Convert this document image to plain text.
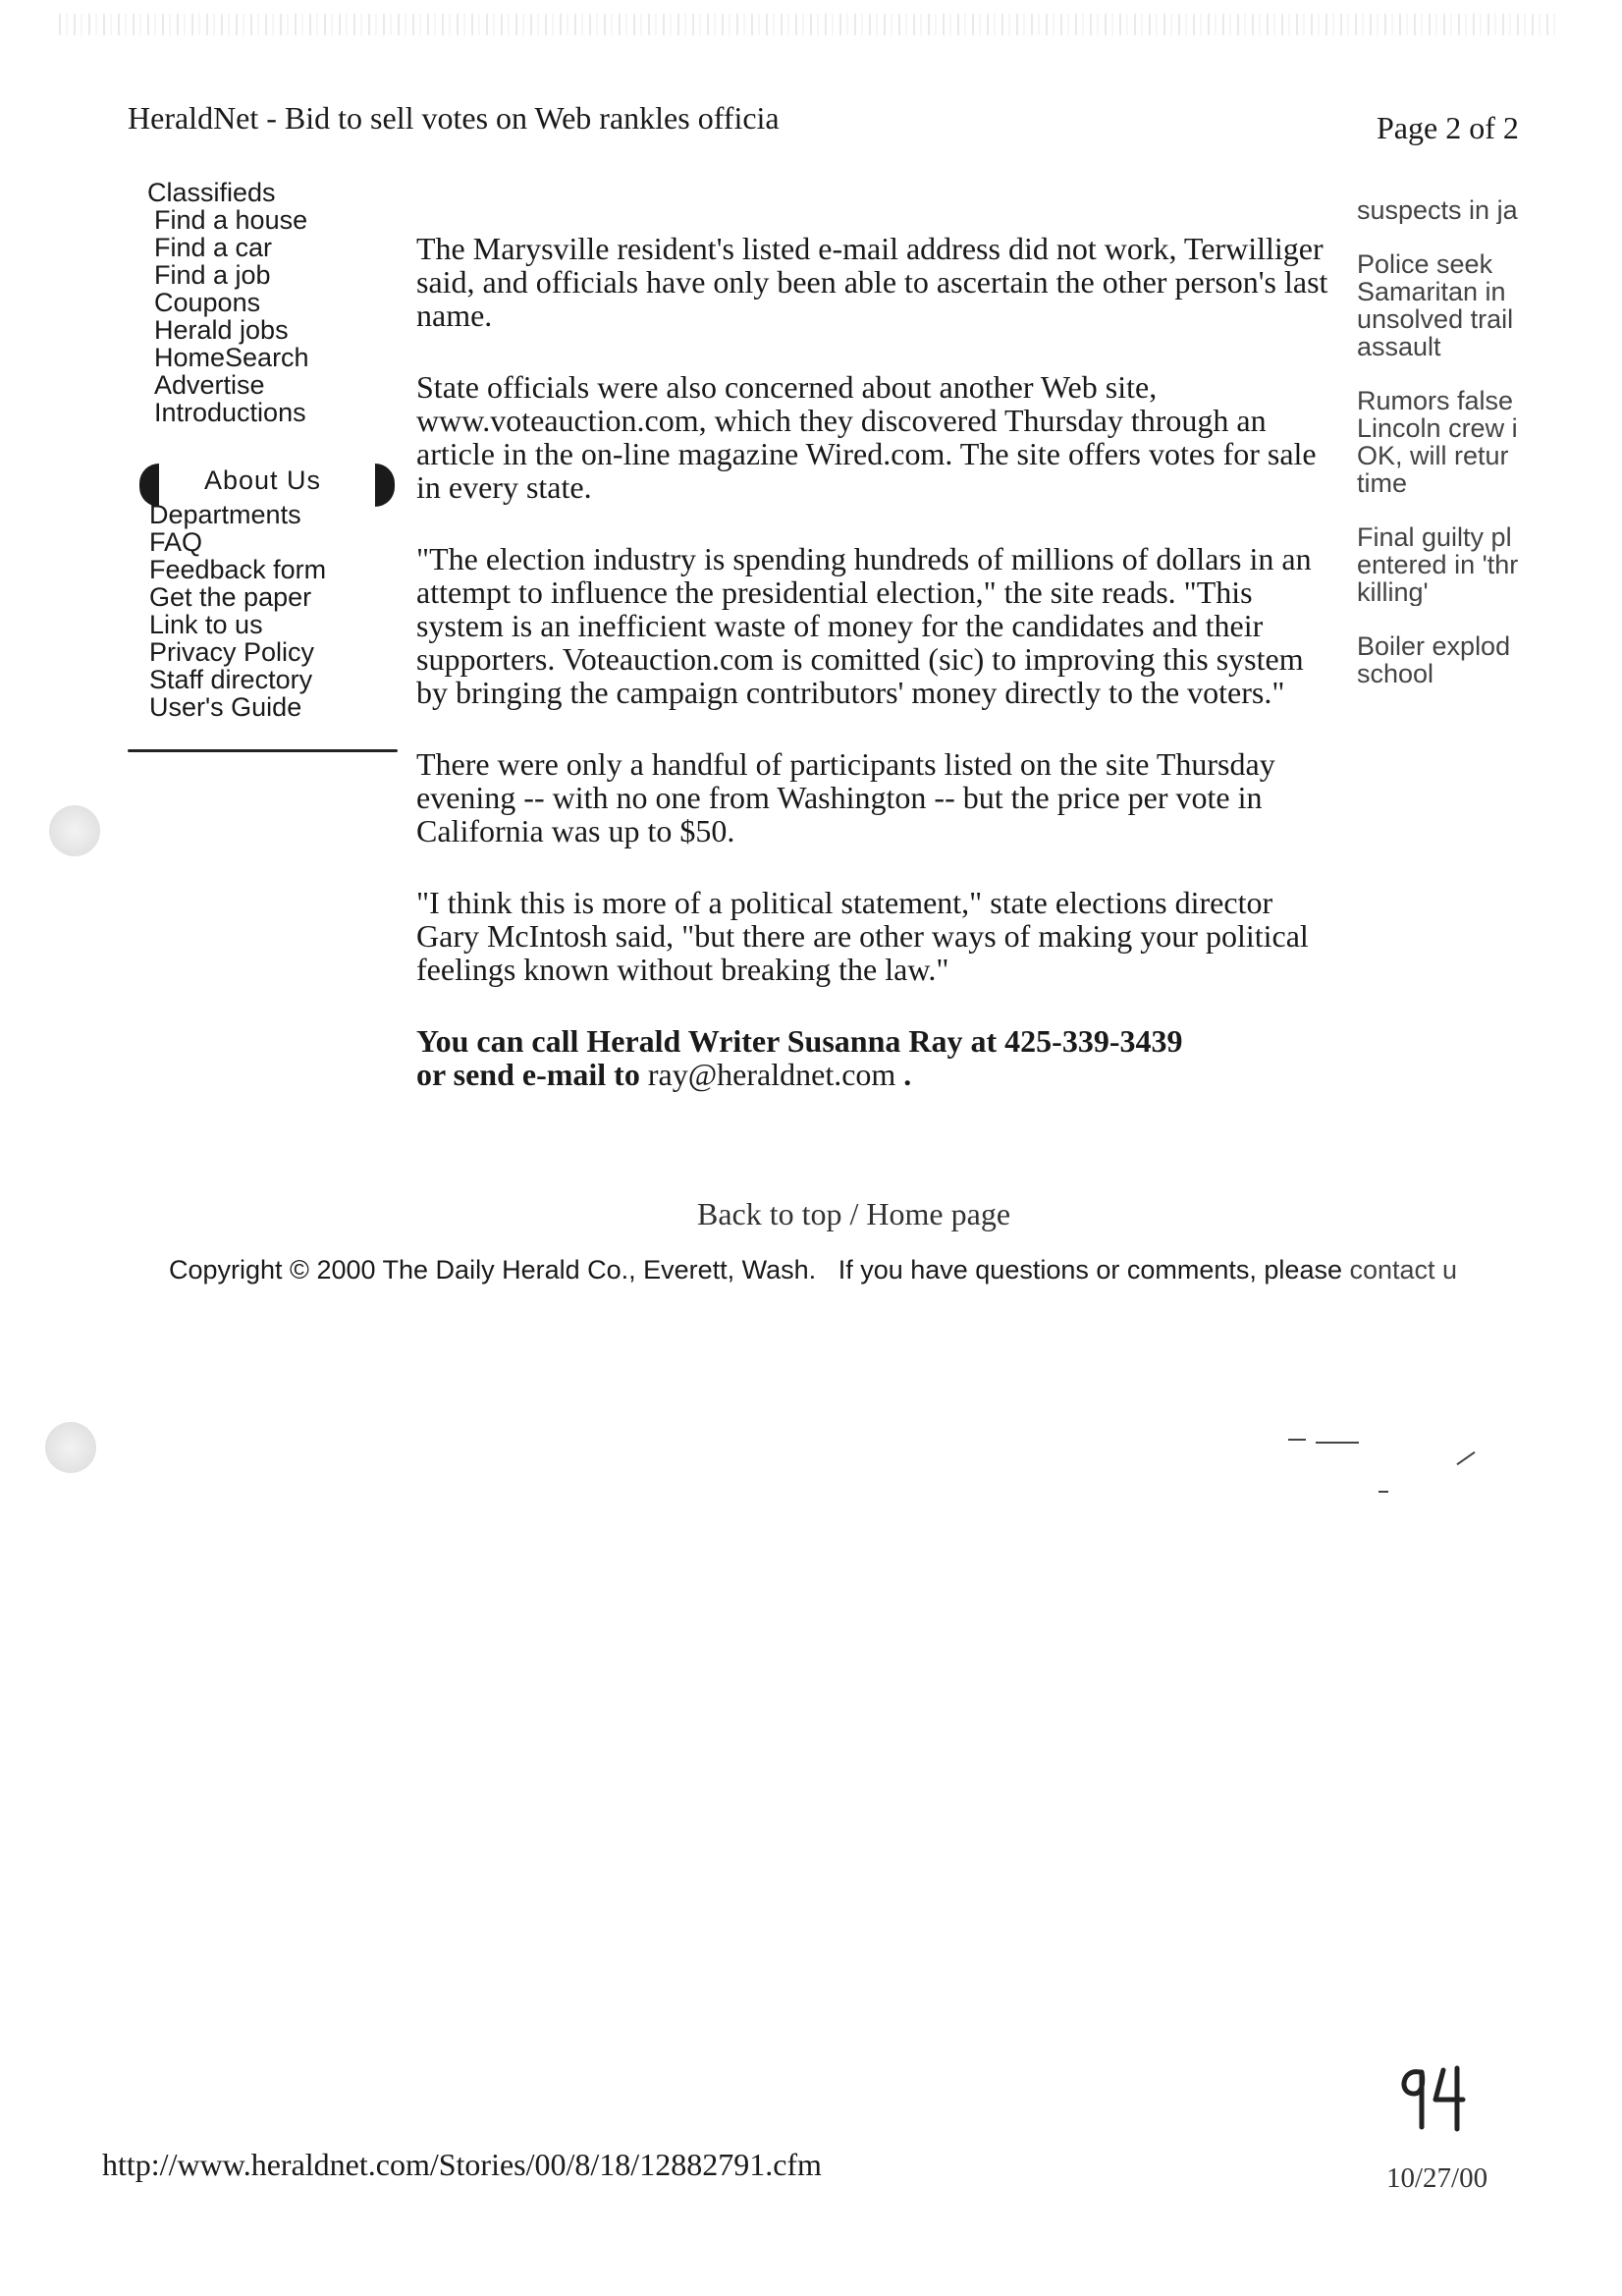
HeraldNet - Bid to sell votes on Web rankles officia	Page 2 of 2
Classifieds
Find a house
Find a car
Find a job
Coupons
Herald jobs
HomeSearch
Advertise
Introductions
About Us
Departments
FAQ
Feedback form
Get the paper
Link to us
Privacy Policy
Staff directory
User's Guide

The Marysville resident's listed e-mail address did not work, Terwilliger said, and officials have only been able to ascertain the other person's last name.

State officials were also concerned about another Web site, www.voteauction.com, which they discovered Thursday through an article in the on-line magazine Wired.com. The site offers votes for sale in every state.

"The election industry is spending hundreds of millions of dollars in an attempt to influence the presidential election," the site reads. "This system is an inefficient waste of money for the candidates and their supporters. Voteauction.com is comitted (sic) to improving this system by bringing the campaign contributors' money directly to the voters."

There were only a handful of participants listed on the site Thursday evening -- with no one from Washington -- but the price per vote in California was up to $50.

"I think this is more of a political statement," state elections director Gary McIntosh said, "but there are other ways of making your political feelings known without breaking the law."

You can call Herald Writer Susanna Ray at 425-339-3439
or send e-mail to ray@heraldnet.com .
suspects in ja
Police seek
Samaritan in
unsolved trail
assault
Rumors false
Lincoln crew i
OK, will retur
time
Final guilty pl
entered in 'thr
killing'
Boiler explod
school
Back to top / Home page
Copyright © 2000 The Daily Herald Co., Everett, Wash. If you have questions or comments, please contact u
http://www.heraldnet.com/Stories/00/8/18/12882791.cfm	10/27/00
